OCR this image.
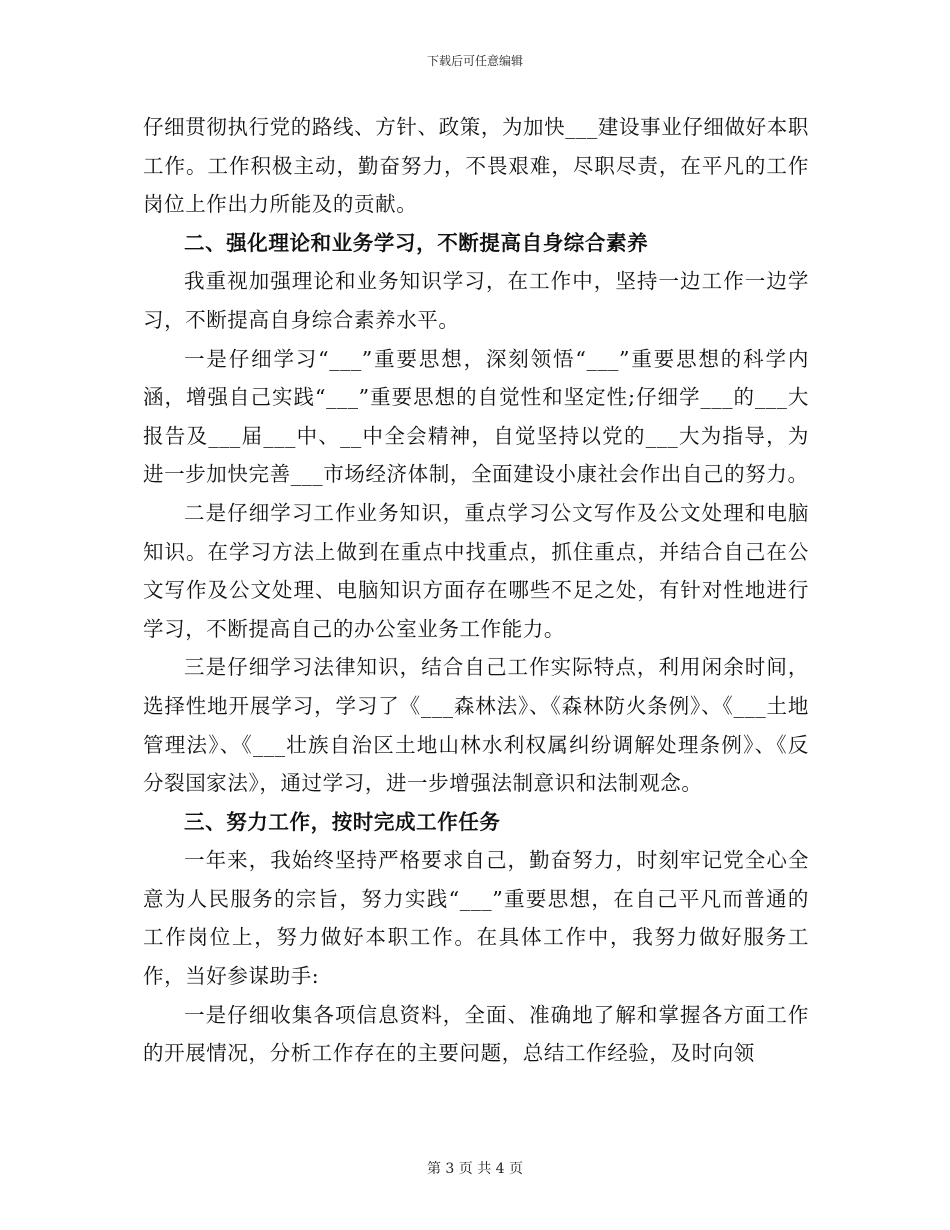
下载后可任意编辑

仔细贯彻执行党的路线、方针、政策，为加快___建设事业仔细做好本职工作。工作积极主动，勤奋努力，不畏艰难，尽职尽责，在平凡的工作岗位上作出力所能及的贡献。

二、强化理论和业务学习，不断提高自身综合素养

我重视加强理论和业务知识学习，在工作中，坚持一边工作一边学习，不断提高自身综合素养水平。

一是仔细学习“___”重要思想，深刻领悟“___”重要思想的科学内涵，增强自己实践“___”重要思想的自觉性和坚定性;仔细学___的___大报告及___届___中、__中全会精神，自觉坚持以党的___大为指导，为进一步加快完善___市场经济体制，全面建设小康社会作出自己的努力。

二是仔细学习工作业务知识，重点学习公文写作及公文处理和电脑知识。在学习方法上做到在重点中找重点，抓住重点，并结合自己在公文写作及公文处理、电脑知识方面存在哪些不足之处，有针对性地进行学习，不断提高自己的办公室业务工作能力。

三是仔细学习法律知识，结合自己工作实际特点，利用闲余时间，选择性地开展学习，学习了《___森林法》、《森林防火条例》、《___土地管理法》、《___壮族自治区土地山林水利权属纠纷调解处理条例》、《反分裂国家法》，通过学习，进一步增强法制意识和法制观念。

三、努力工作，按时完成工作任务

一年来，我始终坚持严格要求自己，勤奋努力，时刻牢记党全心全意为人民服务的宗旨，努力实践“___”重要思想，在自己平凡而普通的工作岗位上，努力做好本职工作。在具体工作中，我努力做好服务工作，当好参谋助手:

一是仔细收集各项信息资料，全面、准确地了解和掌握各方面工作的开展情况，分析工作存在的主要问题，总结工作经验，及时向领

第 3 页 共 4 页
